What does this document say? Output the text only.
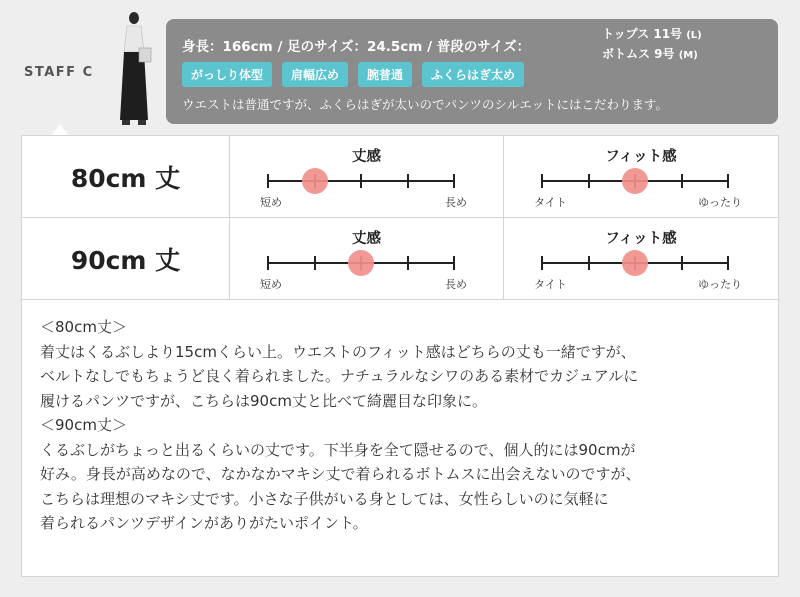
STAFF C
身長：166cm / 足のサイズ：24.5cm / 普段のサイズ：
トップス 11号 (L)
ボトムス 9号 (M)
がっしり体型	肩幅広め	腕普通	ふくらはぎ太め
ウエストは普通ですが、ふくらはぎが太いのでパンツのシルエットにはこだわります。
80cm 丈
丈感
短め	長め
フィット感
タイト	ゆったり
90cm 丈
丈感
短め	長め
フィット感
タイト	ゆったり
＜80cm丈＞
着丈はくるぶしより15cmくらい上。ウエストのフィット感はどちらの丈も一緒ですが、
ベルトなしでもちょうど良く着られました。ナチュラルなシワのある素材でカジュアルに
履けるパンツですが、こちらは90cm丈と比べて綺麗目な印象に。
＜90cm丈＞
くるぶしがちょっと出るくらいの丈です。下半身を全て隠せるので、個人的には90cmが
好み。身長が高めなので、なかなかマキシ丈で着られるボトムスに出会えないのですが、
こちらは理想のマキシ丈です。小さな子供がいる身としては、女性らしいのに気軽に
着られるパンツデザインがありがたいポイント。
